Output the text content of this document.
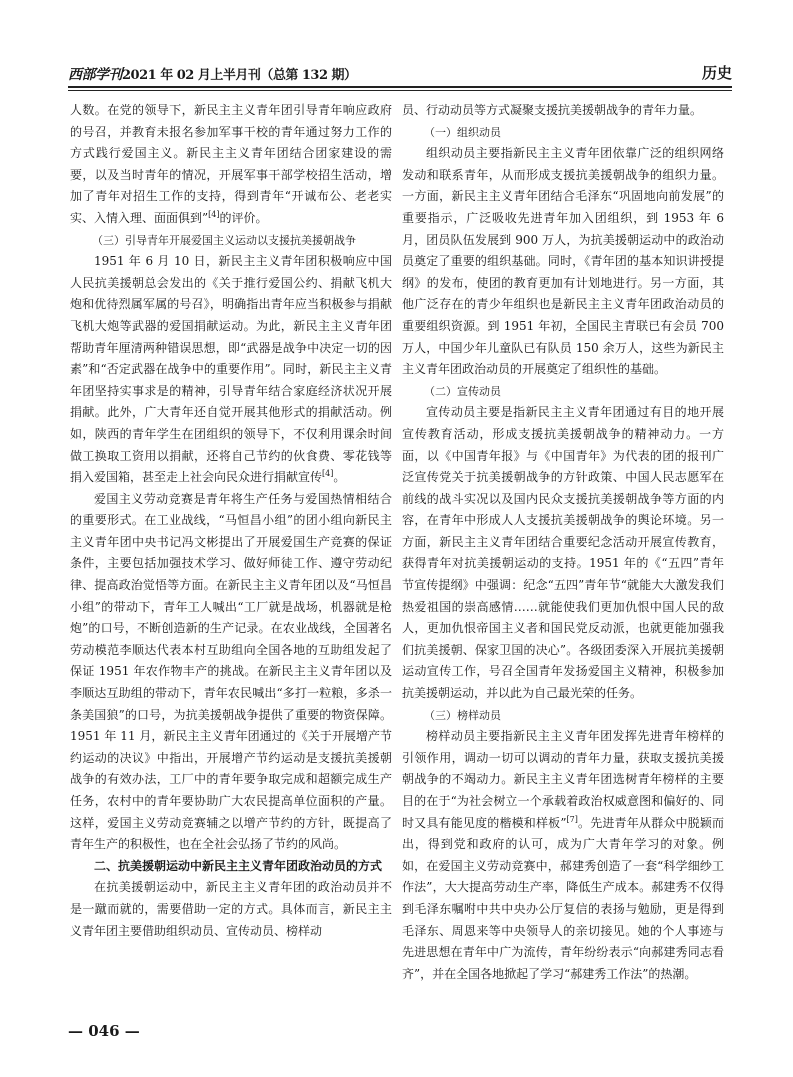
西部学刊2021 年 02 月上半月刊（总第 132 期）	历史

人数。在党的领导下，新民主主义青年团引导青年响应政府的号召，并教育未报名参加军事干校的青年通过努力工作的方式践行爱国主义。新民主主义青年团结合团家建设的需要，以及当时青年的情况，开展军事干部学校招生活动，增加了青年对招生工作的支持，得到青年“开诚布公、老老实实、入情入理、面面俱到”[4]的评价。

（三）引导青年开展爱国主义运动以支援抗美援朝战争

1951 年 6 月 10 日，新民主主义青年团积极响应中国人民抗美援朝总会发出的《关于推行爱国公约、捐献飞机大炮和优待烈属军属的号召》，明确指出青年应当积极参与捐献飞机大炮等武器的爱国捐献运动。为此，新民主主义青年团帮助青年厘清两种错误思想，即“武器是战争中决定一切的因素”和“否定武器在战争中的重要作用”。同时，新民主主义青年团坚持实事求是的精神，引导青年结合家庭经济状况开展捐献。此外，广大青年还自觉开展其他形式的捐献活动。例如，陕西的青年学生在团组织的领导下，不仅利用课余时间做工换取工资用以捐献，还将自己节约的伙食费、零花钱等捐入爱国箱，甚至走上社会向民众进行捐献宣传[4]。

爱国主义劳动竞赛是青年将生产任务与爱国热情相结合的重要形式。在工业战线，“马恒昌小组”的团小组向新民主主义青年团中央书记冯文彬提出了开展爱国生产竞赛的保证条件，主要包括加强技术学习、做好师徒工作、遵守劳动纪律、提高政治觉悟等方面。在新民主主义青年团以及“马恒昌小组”的带动下，青年工人喊出“工厂就是战场，机器就是枪炮”的口号，不断创造新的生产记录。在农业战线，全国著名劳动模范李顺达代表本村互助组向全国各地的互助组发起了保证 1951 年农作物丰产的挑战。在新民主主义青年团以及李顺达互助组的带动下，青年农民喊出“多打一粒粮，多杀一条美国狼”的口号，为抗美援朝战争提供了重要的物资保障。1951 年 11 月，新民主主义青年团通过的《关于开展增产节约运动的决议》中指出，开展增产节约运动是支援抗美援朝战争的有效办法，工厂中的青年要争取完成和超额完成生产任务，农村中的青年要协助广大农民提高单位面积的产量。这样，爱国主义劳动竞赛辅之以增产节约的方针，既提高了青年生产的积极性，也在全社会弘扬了节约的风尚。

二、抗美援朝运动中新民主主义青年团政治动员的方式

在抗美援朝运动中，新民主主义青年团的政治动员并不是一蹴而就的，需要借助一定的方式。具体而言，新民主主义青年团主要借助组织动员、宣传动员、榜样动

员、行动动员等方式凝聚支援抗美援朝战争的青年力量。

（一）组织动员

组织动员主要指新民主主义青年团依靠广泛的组织网络发动和联系青年，从而形成支援抗美援朝战争的组织力量。一方面，新民主主义青年团结合毛泽东“巩固地向前发展”的重要指示，广泛吸收先进青年加入团组织，到 1953 年 6 月，团员队伍发展到 900 万人，为抗美援朝运动中的政治动员奠定了重要的组织基础。同时，《青年团的基本知识讲授提纲》的发布，使团的教育更加有计划地进行。另一方面，其他广泛存在的青少年组织也是新民主主义青年团政治动员的重要组织资源。到 1951 年初，全国民主青联已有会员 700 万人，中国少年儿童队已有队员 150 余万人，这些为新民主主义青年团政治动员的开展奠定了组织性的基础。

（二）宣传动员

宣传动员主要是指新民主主义青年团通过有目的地开展宣传教育活动，形成支援抗美援朝战争的精神动力。一方面，以《中国青年报》与《中国青年》为代表的团的报刊广泛宣传党关于抗美援朝战争的方针政策、中国人民志愿军在前线的战斗实况以及国内民众支援抗美援朝战争等方面的内容，在青年中形成人人支援抗美援朝战争的舆论环境。另一方面，新民主主义青年团结合重要纪念活动开展宣传教育，获得青年对抗美援朝运动的支持。1951 年的《“五四”青年节宣传提纲》中强调：纪念“五四”青年节“就能大大激发我们热爱祖国的崇高感情……就能使我们更加仇恨中国人民的敌人，更加仇恨帝国主义者和国民党反动派，也就更能加强我们抗美援朝、保家卫国的决心”。各级团委深入开展抗美援朝运动宣传工作，号召全国青年发扬爱国主义精神，积极参加抗美援朝运动，并以此为自己最光荣的任务。

（三）榜样动员

榜样动员主要指新民主主义青年团发挥先进青年榜样的引领作用，调动一切可以调动的青年力量，获取支援抗美援朝战争的不竭动力。新民主主义青年团选树青年榜样的主要目的在于“为社会树立一个承载着政治权威意图和偏好的、同时又具有能见度的楷模和样板”[7]。先进青年从群众中脱颖而出，得到党和政府的认可，成为广大青年学习的对象。例如，在爱国主义劳动竞赛中，郝建秀创造了一套“科学细纱工作法”，大大提高劳动生产率，降低生产成本。郝建秀不仅得到毛泽东嘱咐中共中央办公厅复信的表扬与勉励，更是得到毛泽东、周恩来等中央领导人的亲切接见。她的个人事迹与先进思想在青年中广为流传，青年纷纷表示“向郝建秀同志看齐”，并在全国各地掀起了学习“郝建秀工作法”的热潮。

— 046 —
